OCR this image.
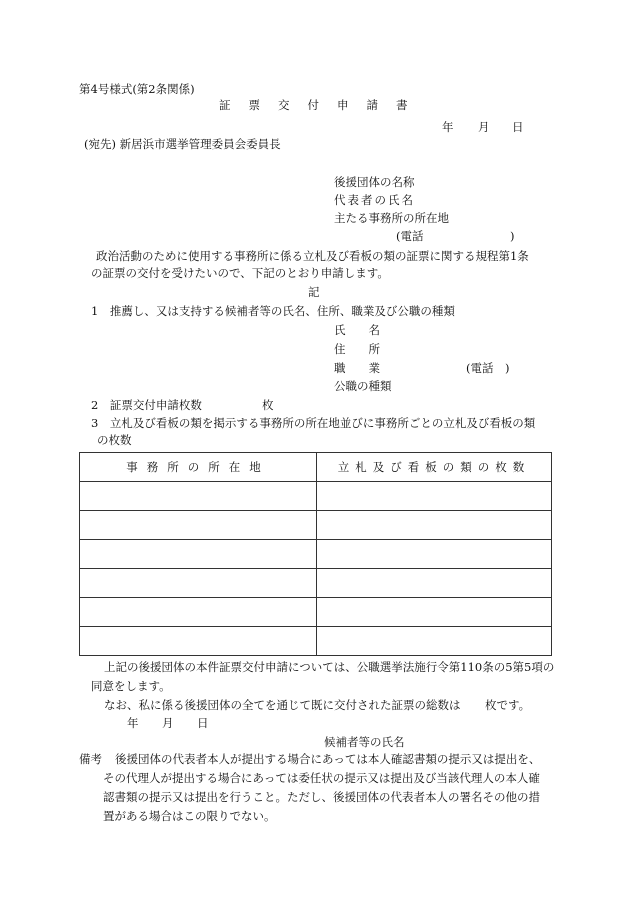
第4号様式(第2条関係)
証票交付申請書
年 月 日
(宛先) 新居浜市選挙管理委員会委員長
後援団体の名称
代表者の氏名
主たる事務所の所在地
(電話	)
政治活動のために使用する事務所に係る立札及び看板の類の証票に関する規程第1条
の証票の交付を受けたいので、下記のとおり申請します。
記
1　推薦し、又は支持する候補者等の氏名、住所、職業及び公職の種類
氏　　名
住　　所
職　　業	(電話　)
公職の種類
2　証票交付申請枚数	枚
3　立札及び看板の類を掲示する事務所の所在地並びに事務所ごとの立札及び看板の類
の枚数
事務所の所在地	立札及び看板の類の枚数

上記の後援団体の本件証票交付申請については、公職選挙法施行令第110条の5第5項の
同意をします。
なお、私に係る後援団体の全てを通じて既に交付された証票の総数は 枚です。
年 月 日
候補者等の氏名
備考 後援団体の代表者本人が提出する場合にあっては本人確認書類の提示又は提出を、
その代理人が提出する場合にあっては委任状の提示又は提出及び当該代理人の本人確
認書類の提示又は提出を行うこと。ただし、後援団体の代表者本人の署名その他の措
置がある場合はこの限りでない。
